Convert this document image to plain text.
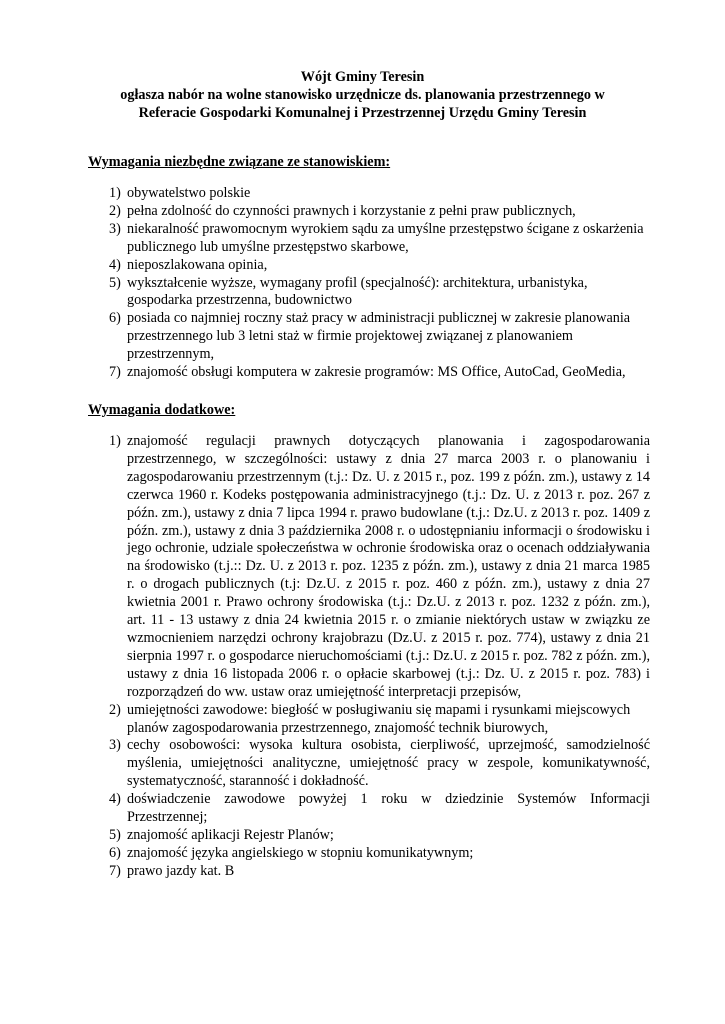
Wójt Gminy Teresin
ogłasza nabór na wolne stanowisko urzędnicze ds. planowania przestrzennego w
Referacie Gospodarki Komunalnej i Przestrzennej Urzędu Gminy Teresin
Wymagania niezbędne związane ze stanowiskiem:
1) obywatelstwo polskie
2) pełna zdolność do czynności prawnych i korzystanie z pełni praw publicznych,
3) niekaralność prawomocnym wyrokiem sądu za umyślne przestępstwo ścigane z oskarżenia publicznego lub umyślne przestępstwo skarbowe,
4) nieposzlakowana opinia,
5) wykształcenie wyższe, wymagany profil (specjalność): architektura, urbanistyka, gospodarka przestrzenna, budownictwo
6) posiada co najmniej roczny staż pracy w administracji publicznej w zakresie planowania przestrzennego lub 3 letni staż w firmie projektowej związanej z planowaniem przestrzennym,
7) znajomość obsługi komputera w zakresie programów: MS Office, AutoCad, GeoMedia,
Wymagania dodatkowe:
1) znajomość regulacji prawnych dotyczących planowania i zagospodarowania przestrzennego, w szczególności: ustawy z dnia 27 marca 2003 r. o planowaniu i zagospodarowaniu przestrzennym (t.j.: Dz. U. z 2015 r., poz. 199 z późn. zm.), ustawy z 14 czerwca 1960 r. Kodeks postępowania administracyjnego (t.j.: Dz. U. z 2013 r. poz. 267 z późn. zm.), ustawy z dnia 7 lipca 1994 r. prawo budowlane (t.j.: Dz.U. z 2013 r. poz. 1409 z późn. zm.), ustawy z dnia 3 października 2008 r. o udostępnianiu informacji o środowisku i jego ochronie, udziale społeczeństwa w ochronie środowiska oraz o ocenach oddziaływania na środowisko (t.j.:: Dz. U. z 2013 r. poz. 1235 z późn. zm.), ustawy z dnia 21 marca 1985 r. o drogach publicznych (t.j: Dz.U. z 2015 r. poz. 460 z późn. zm.), ustawy z dnia 27 kwietnia 2001 r. Prawo ochrony środowiska (t.j.: Dz.U. z 2013 r. poz. 1232 z późn. zm.), art. 11 - 13 ustawy z dnia 24 kwietnia 2015 r. o zmianie niektórych ustaw w związku ze wzmocnieniem narzędzi ochrony krajobrazu (Dz.U. z 2015 r. poz. 774), ustawy z dnia 21 sierpnia 1997 r. o gospodarce nieruchomościami (t.j.: Dz.U. z 2015 r. poz. 782 z późn. zm.), ustawy z dnia 16 listopada 2006 r. o opłacie skarbowej (t.j.: Dz. U. z 2015 r. poz. 783) i rozporządzeń do ww. ustaw oraz umiejętność interpretacji przepisów,
2) umiejętności zawodowe: biegłość w posługiwaniu się mapami i rysunkami miejscowych planów zagospodarowania przestrzennego, znajomość technik biurowych,
3) cechy osobowości: wysoka kultura osobista, cierpliwość, uprzejmość, samodzielność myślenia, umiejętności analityczne, umiejętność pracy w zespole, komunikatywność, systematyczność, staranność i dokładność.
4) doświadczenie zawodowe powyżej 1 roku w dziedzinie Systemów Informacji Przestrzennej;
5) znajomość aplikacji Rejestr Planów;
6) znajomość języka angielskiego w stopniu komunikatywnym;
7) prawo jazdy kat. B
